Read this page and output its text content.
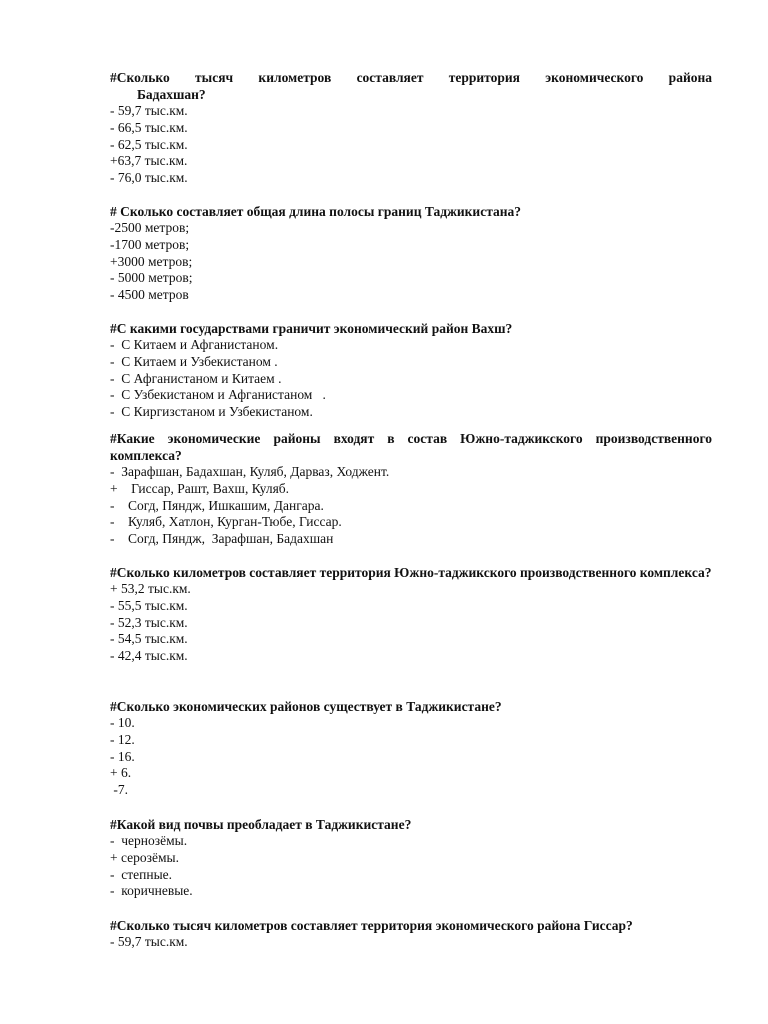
#Сколько тысяч километров составляет территория экономического района

Бадахшан?

- 59,7 тыс.км.

- 66,5 тыс.км.

- 62,5 тыс.км.

+63,7 тыс.км.

- 76,0 тыс.км.

# Сколько составляет общая длина полосы границ Таджикистана?

-2500 метров;

-1700 метров;

+3000 метров;

- 5000 метров;

- 4500 метров

#С какими государствами граничит экономический район Вахш?

-  С Китаем и Афганистаном.

-  С Китаем и Узбекистаном .

-  С Афганистаном и Китаем .

-  С Узбекистаном и Афганистаном   .

-  С Киргизстаном и Узбекистаном.

#Какие экономические районы входят в состав Южно-таджикского производственного комплекса?

-  Зарафшан, Бадахшан, Куляб, Дарваз, Ходжент.

+    Гиссар, Рашт, Вахш, Куляб.

-    Согд, Пяндж, Ишкашим, Дангара.

-    Куляб, Хатлон, Курган-Тюбе, Гиссар.

-    Согд, Пяндж,  Зарафшан, Бадахшан

#Сколько километров составляет территория Южно-таджикского производственного комплекса?

+ 53,2 тыс.км.

- 55,5 тыс.км.

- 52,3 тыс.км.

- 54,5 тыс.км.

- 42,4 тыс.км.

#Сколько экономических районов существует в Таджикистане?

- 10.

- 12.

- 16.

+ 6.

-7.

#Какой вид почвы преобладает в Таджикистане?

-  чернозёмы.

+ серозёмы.

-  степные.

-  коричневые.

#Сколько тысяч километров составляет территория экономического района Гиссар?

- 59,7 тыс.км.
